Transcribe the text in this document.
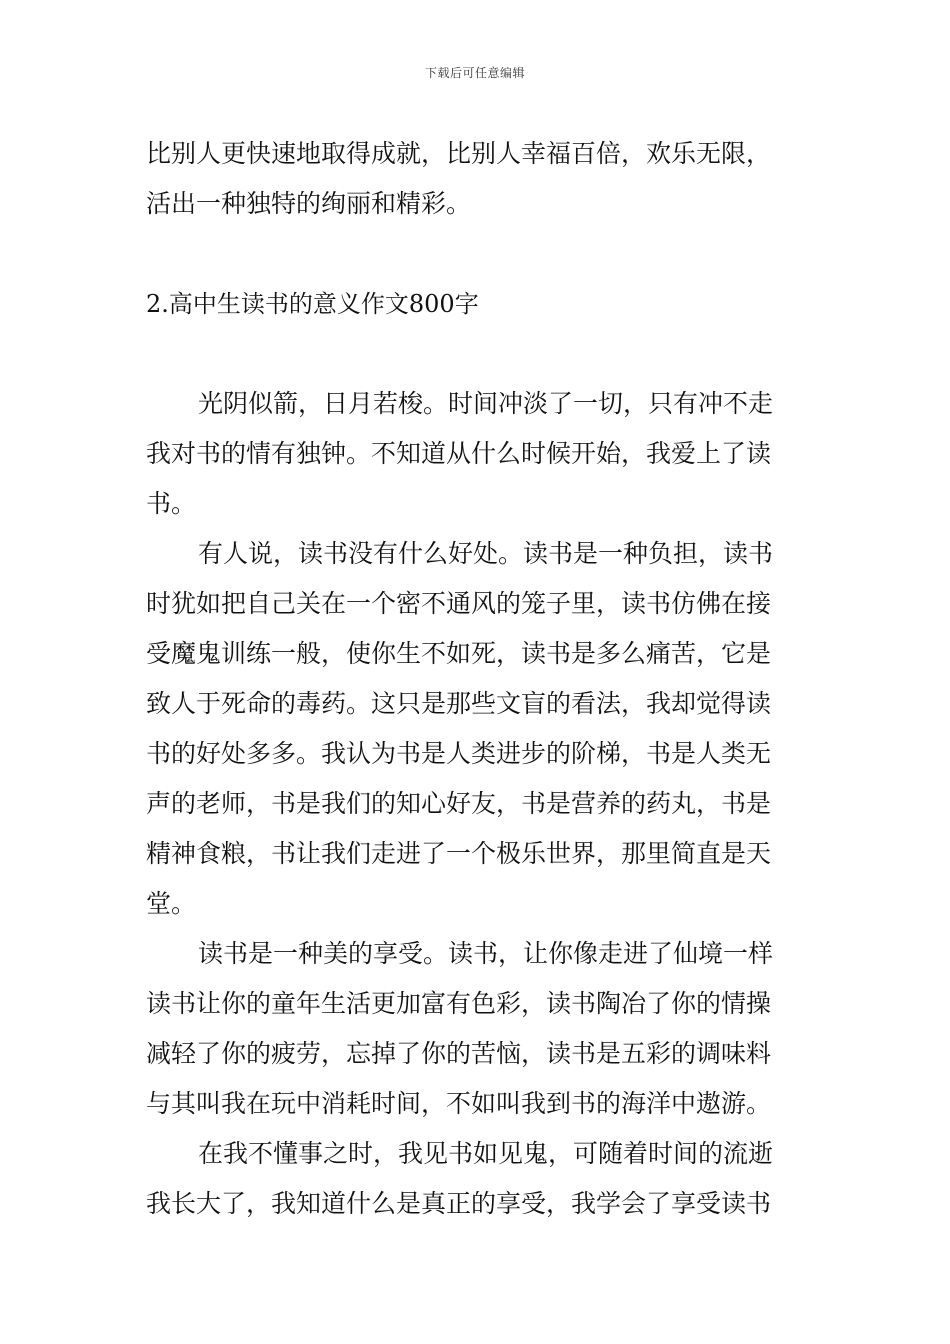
下载后可任意编辑
比别人更快速地取得成就，比别人幸福百倍，欢乐无限，
活出一种独特的绚丽和精彩。
2.高中生读书的意义作文800字
光阴似箭，日月若梭。时间冲淡了一切，只有冲不走
我对书的情有独钟。不知道从什么时候开始，我爱上了读
书。
有人说，读书没有什么好处。读书是一种负担，读书
时犹如把自己关在一个密不通风的笼子里，读书仿佛在接
受魔鬼训练一般，使你生不如死，读书是多么痛苦，它是
致人于死命的毒药。这只是那些文盲的看法，我却觉得读
书的好处多多。我认为书是人类进步的阶梯，书是人类无
声的老师，书是我们的知心好友，书是营养的药丸，书是
精神食粮，书让我们走进了一个极乐世界，那里简直是天
堂。
读书是一种美的享受。读书，让你像走进了仙境一样
读书让你的童年生活更加富有色彩，读书陶冶了你的情操
减轻了你的疲劳，忘掉了你的苦恼，读书是五彩的调味料
与其叫我在玩中消耗时间，不如叫我到书的海洋中遨游。
在我不懂事之时，我见书如见鬼，可随着时间的流逝
我长大了，我知道什么是真正的享受，我学会了享受读书
